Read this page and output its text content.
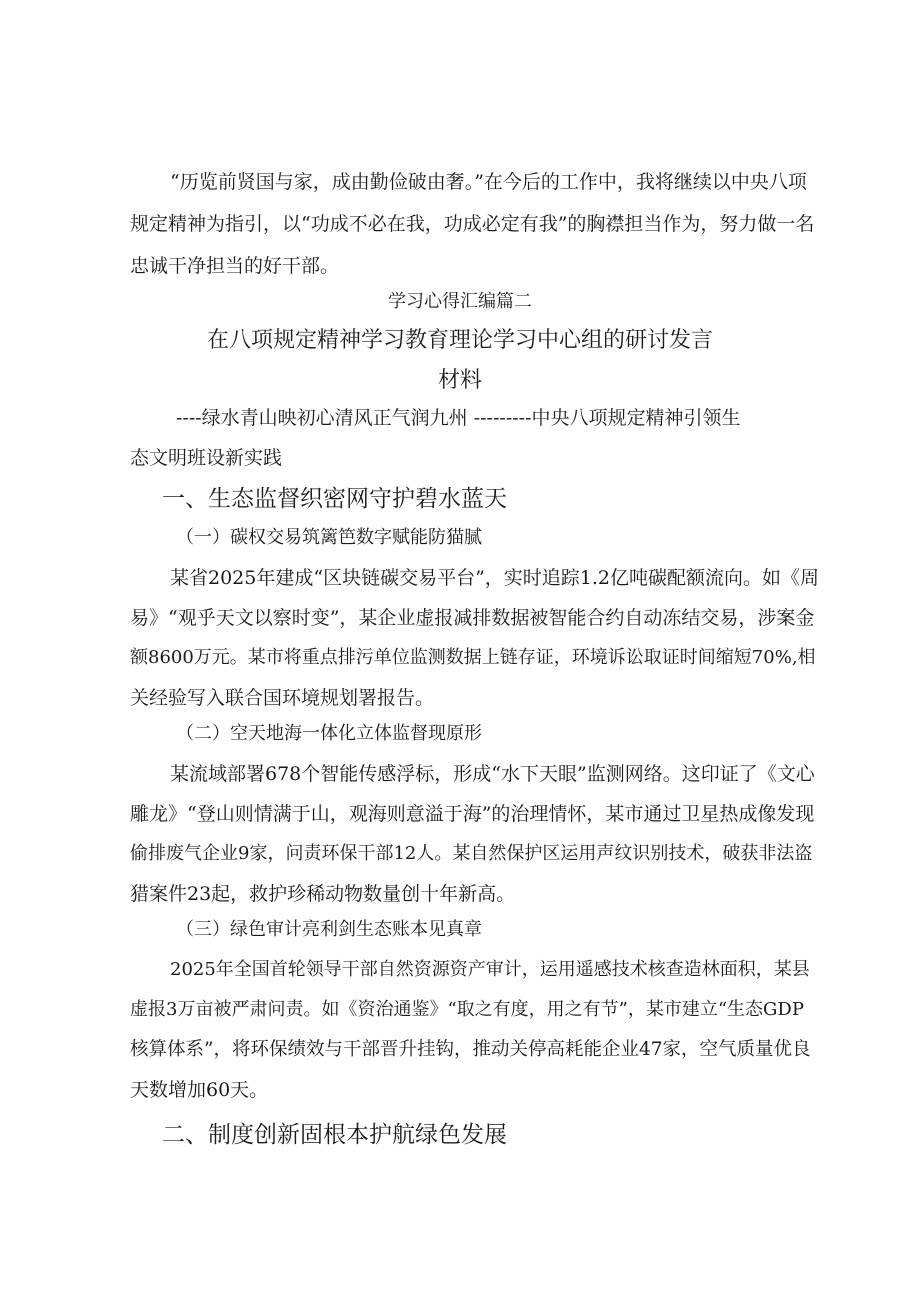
“历览前贤国与家，成由勤俭破由奢。”在今后的工作中，我将继续以中央八项
规定精神为指引，以“功成不必在我，功成必定有我”的胸襟担当作为，努力做一名
忠诚干净担当的好干部。
学习心得汇编篇二
在八项规定精神学习教育理论学习中心组的研讨发言
材料
----绿水青山映初心清风正气润九州 ---------中央八项规定精神引领生
态文明班设新实践
一、生态监督织密网守护碧水蓝天
（一）碳权交易筑篱笆数字赋能防猫腻
某省2025年建成“区块链碳交易平台”，实时追踪1.2亿吨碳配额流向。如《周
易》“观乎天文以察时变”，某企业虚报减排数据被智能合约自动冻结交易，涉案金
额8600万元。某市将重点排污单位监测数据上链存证，环境诉讼取证时间缩短70%,相
关经验写入联合国环境规划署报告。
（二）空天地海一体化立体监督现原形
某流域部署678个智能传感浮标，形成“水下天眼”监测网络。这印证了《文心
雕龙》“登山则情满于山，观海则意溢于海”的治理情怀，某市通过卫星热成像发现
偷排废气企业9家，问责环保干部12人。某自然保护区运用声纹识别技术，破获非法盗
猎案件23起，救护珍稀动物数量创十年新高。
（三）绿色审计亮利剑生态账本见真章
2025年全国首轮领导干部自然资源资产审计，运用遥感技术核查造林面积，某县
虚报3万亩被严肃问责。如《资治通鉴》“取之有度，用之有节”，某市建立“生态GDP
核算体系”，将环保绩效与干部晋升挂钩，推动关停高耗能企业47家，空气质量优良
天数增加60天。
二、制度创新固根本护航绿色发展
